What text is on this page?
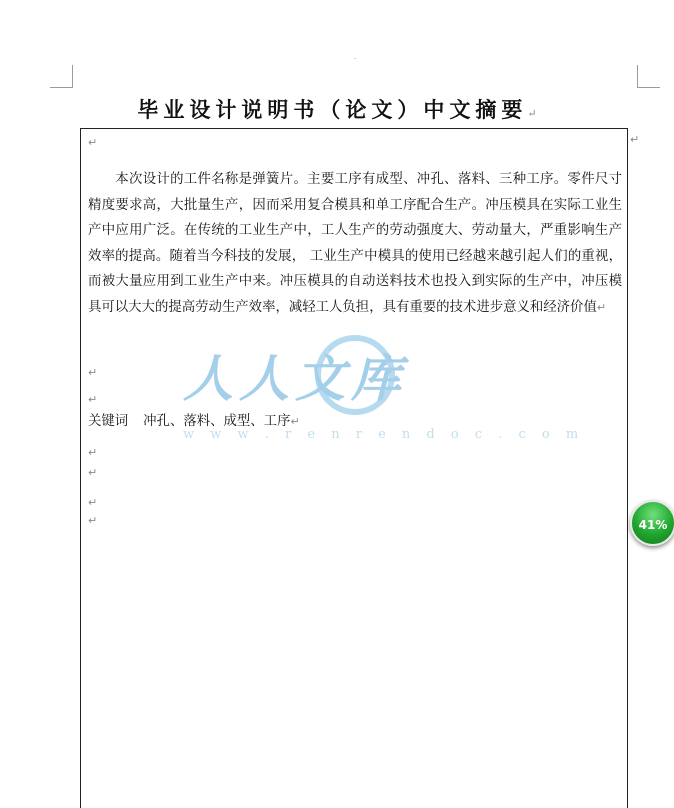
·
毕业设计说明书（论文）中文摘要↵
↵
↵
本次设计的工件名称是弹簧片。主要工序有成型、冲孔、落料、三种工序。零件尺寸精度要求高，大批量生产，因而采用复合模具和单工序配合生产。冲压模具在实际工业生产中应用广泛。在传统的工业生产中，工人生产的劳动强度大、劳动量大，严重影响生产效率的提高。随着当今科技的发展， 工业生产中模具的使用已经越来越引起人们的重视，而被大量应用到工业生产中来。冲压模具的自动送料技术也投入到实际的生产中，冲压模具可以大大的提高劳动生产效率，减轻工人负担，具有重要的技术进步意义和经济价值↵
↵
↵
关键词 冲孔、落料、成型、工序↵
↵
↵
↵
↵
人人文库
w w w . r e n r e n d o c . c o m
41%
